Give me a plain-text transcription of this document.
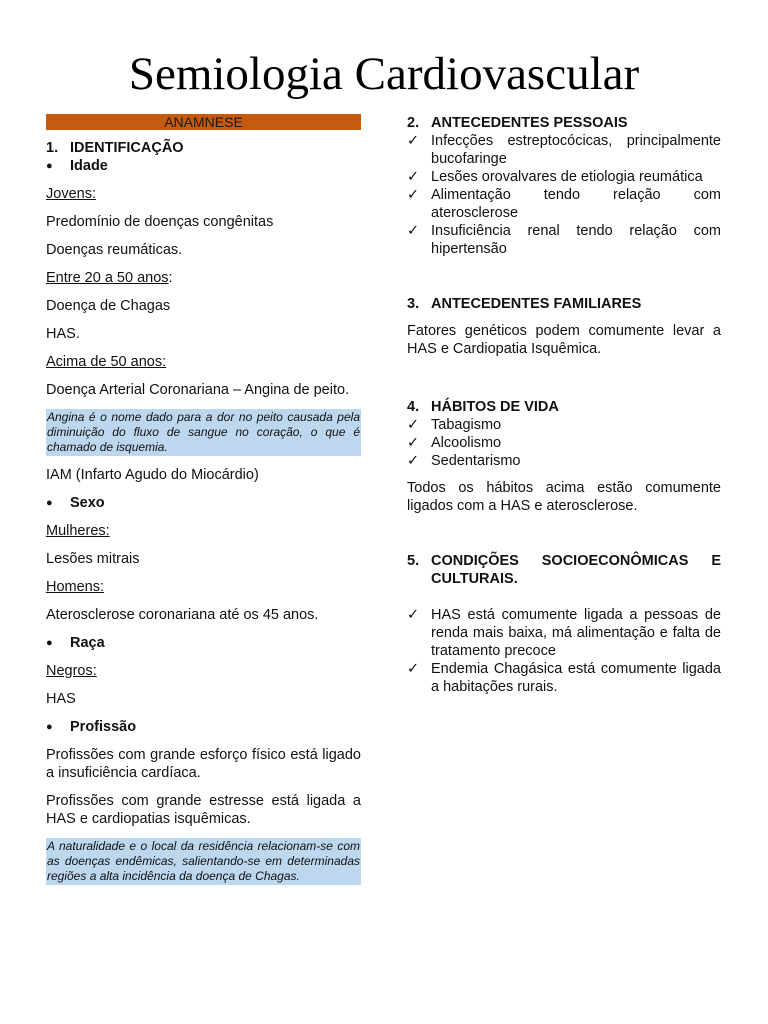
Semiologia Cardiovascular
ANAMNESE
1. IDENTIFICAÇÃO
●	Idade

Jovens:

Predomínio de doenças congênitas

Doenças reumáticas.

Entre 20 a 50 anos:

Doença de Chagas

HAS.

Acima de 50 anos:

Doença Arterial Coronariana – Angina de peito.

Angina é o nome dado para a dor no peito causada pela diminuição do fluxo de sangue no coração, o que é chamado de isquemia.

IAM (Infarto Agudo do Miocárdio)

●	Sexo

Mulheres:

Lesões mitrais

Homens:

Aterosclerose coronariana até os 45 anos.

●	Raça

Negros:

HAS

●	Profissão

Profissões com grande esforço físico está ligado a insuficiência cardíaca.

Profissões com grande estresse está ligada a HAS e cardiopatias isquêmicas.

A naturalidade e o local da residência relacionam-se com as doenças endêmicas, salientando-se em determinadas regiões a alta incidência da doença de Chagas.
2. ANTECEDENTES PESSOAIS
✓ Infecções estreptocócicas, principalmente bucofaringe
✓ Lesões orovalvares de etiologia reumática
✓ Alimentação tendo relação com aterosclerose
✓ Insuficiência renal tendo relação com hipertensão
3. ANTECEDENTES FAMILIARES

Fatores genéticos podem comumente levar a HAS e Cardiopatia Isquêmica.

4. HÁBITOS DE VIDA
✓ Tabagismo
✓ Alcoolismo
✓ Sedentarismo

Todos os hábitos acima estão comumente ligados com a HAS e aterosclerose.

5. CONDIÇÕES SOCIOECONÔMICAS E CULTURAIS.
✓ HAS está comumente ligada a pessoas de renda mais baixa, má alimentação e falta de tratamento precoce
✓ Endemia Chagásica está comumente ligada a habitações rurais.
